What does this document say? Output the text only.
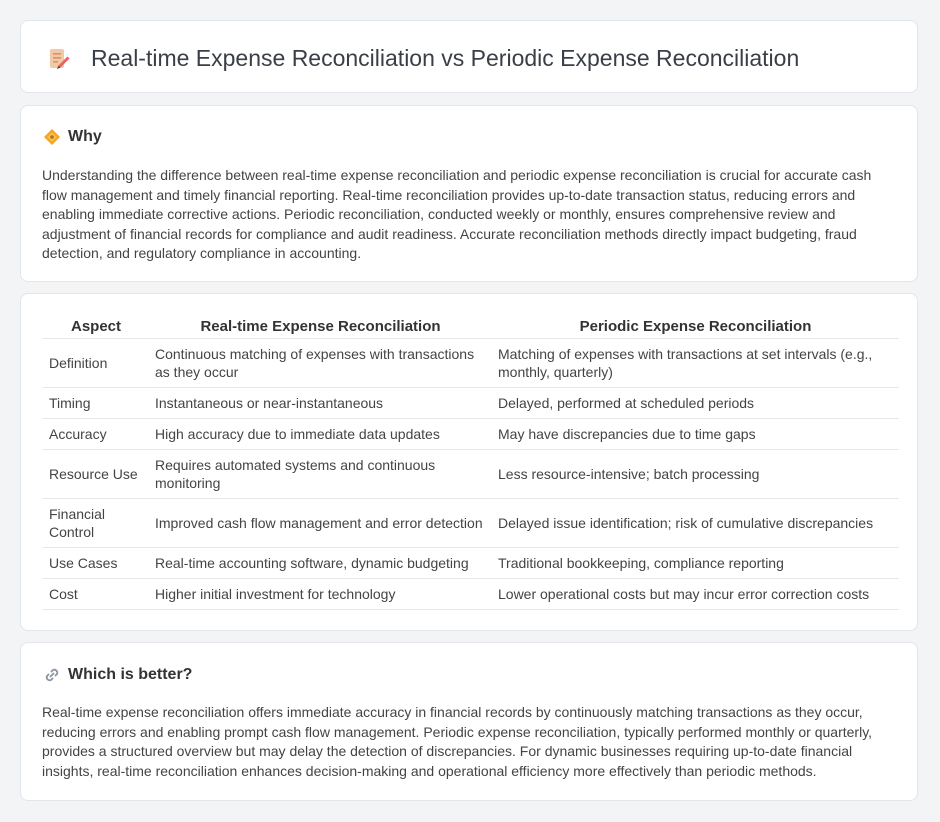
Real-time Expense Reconciliation vs Periodic Expense Reconciliation
Why

Understanding the difference between real-time expense reconciliation and periodic expense reconciliation is crucial for accurate cash flow management and timely financial reporting. Real-time reconciliation provides up-to-date transaction status, reducing errors and enabling immediate corrective actions. Periodic reconciliation, conducted weekly or monthly, ensures comprehensive review and adjustment of financial records for compliance and audit readiness. Accurate reconciliation methods directly impact budgeting, fraud detection, and regulatory compliance in accounting.

Aspect	Real-time Expense Reconciliation	Periodic Expense Reconciliation
Definition	Continuous matching of expenses with transactions as they occur	Matching of expenses with transactions at set intervals (e.g., monthly, quarterly)
Timing	Instantaneous or near-instantaneous	Delayed, performed at scheduled periods
Accuracy	High accuracy due to immediate data updates	May have discrepancies due to time gaps
Resource Use	Requires automated systems and continuous monitoring	Less resource-intensive; batch processing
Financial Control	Improved cash flow management and error detection	Delayed issue identification; risk of cumulative discrepancies
Use Cases	Real-time accounting software, dynamic budgeting	Traditional bookkeeping, compliance reporting
Cost	Higher initial investment for technology	Lower operational costs but may incur error correction costs
Which is better?

Real-time expense reconciliation offers immediate accuracy in financial records by continuously matching transactions as they occur, reducing errors and enabling prompt cash flow management. Periodic expense reconciliation, typically performed monthly or quarterly, provides a structured overview but may delay the detection of discrepancies. For dynamic businesses requiring up-to-date financial insights, real-time reconciliation enhances decision-making and operational efficiency more effectively than periodic methods.
